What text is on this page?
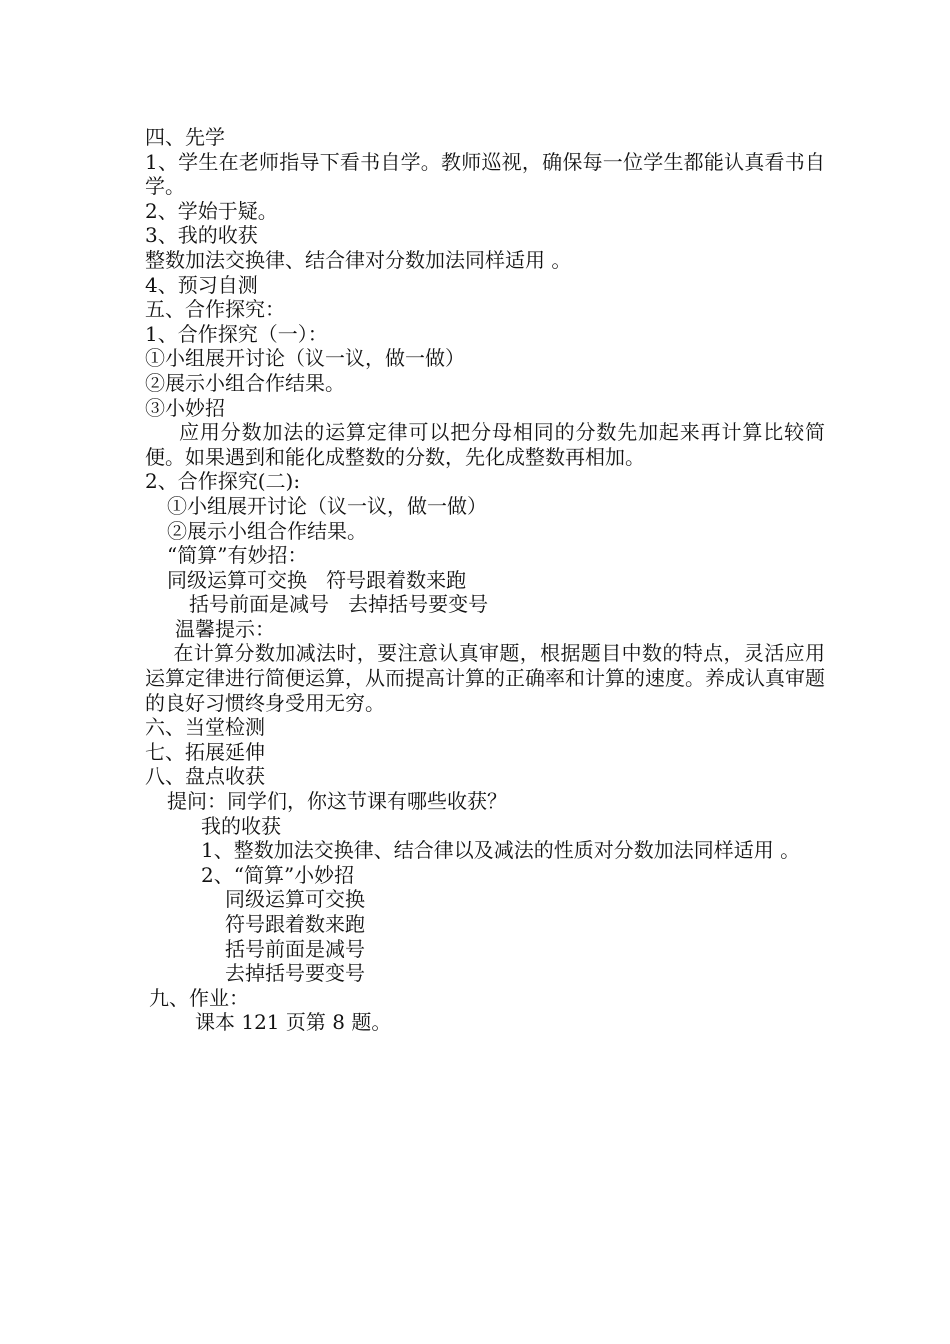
四、先学
1、学生在老师指导下看书自学。教师巡视，确保每一位学生都能认真看书自学。
2、学始于疑。
3、我的收获
整数加法交换律、结合律对分数加法同样适用 。
4、预习自测
五、合作探究：
1、合作探究（一）：
①小组展开讨论（议一议，做一做）
②展示小组合作结果。
③小妙招
应用分数加法的运算定律可以把分母相同的分数先加起来再计算比较简便。如果遇到和能化成整数的分数，先化成整数再相加。
2、合作探究(二):
①小组展开讨论（议一议，做一做）
②展示小组合作结果。
“简算”有妙招：
同级运算可交换   符号跟着数来跑
括号前面是减号   去掉括号要变号
温馨提示：
在计算分数加减法时，要注意认真审题，根据题目中数的特点，灵活应用运算定律进行简便运算，从而提高计算的正确率和计算的速度。养成认真审题的良好习惯终身受用无穷。
六、当堂检测
七、拓展延伸
八、盘点收获
提问：同学们，你这节课有哪些收获？
我的收获
1、整数加法交换律、结合律以及减法的性质对分数加法同样适用 。
2、“简算”小妙招
同级运算可交换
符号跟着数来跑
括号前面是减号
去掉括号要变号
九、作业：
课本 121 页第 8 题。
